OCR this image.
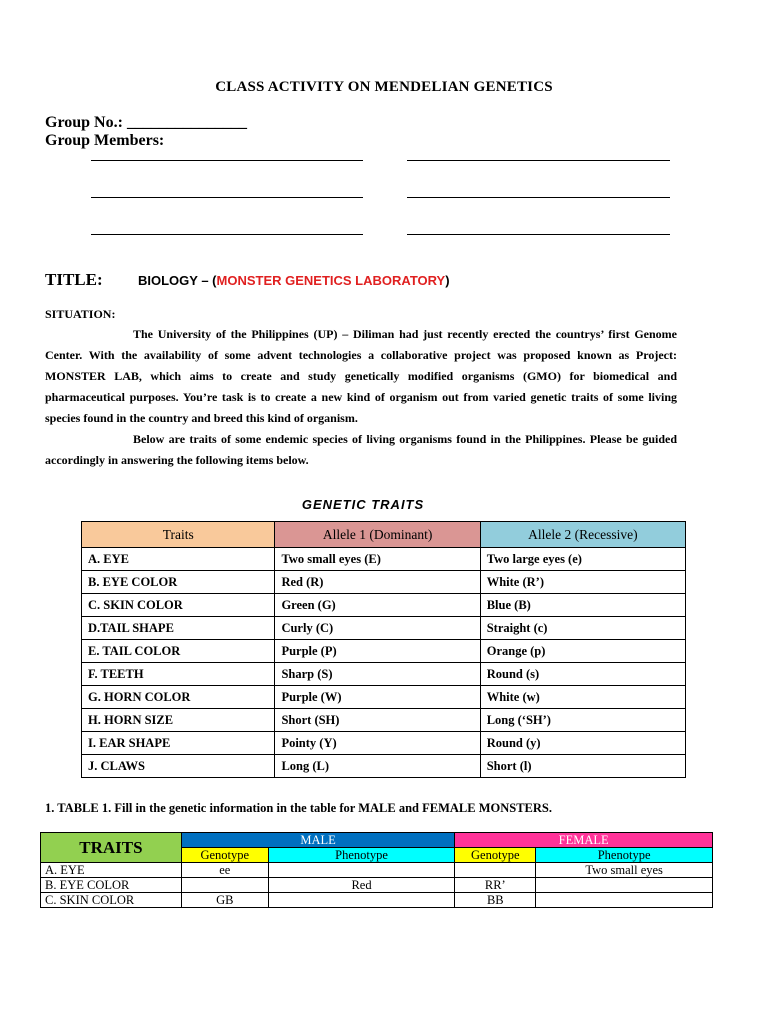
CLASS ACTIVITY ON MENDELIAN GENETICS
Group No.: _______________
Group Members:
TITLE:	BIOLOGY – (MONSTER GENETICS LABORATORY)
SITUATION:

The University of the Philippines (UP) – Diliman had just recently erected the countrys’ first Genome Center. With the availability of some advent technologies a collaborative project was proposed known as Project: MONSTER LAB, which aims to create and study genetically modified organisms (GMO) for biomedical and pharmaceutical purposes. You’re task is to create a new kind of organism out from varied genetic traits of some living species found in the country and breed this kind of organism.

Below are traits of some endemic species of living organisms found in the Philippines. Please be guided accordingly in answering the following items below.

GENETIC TRAITS
Traits	Allele 1 (Dominant)	Allele 2 (Recessive)
A. EYE	Two small eyes (E)	Two large eyes (e)
B. EYE COLOR	Red (R)	White (R’)
C. SKIN COLOR	Green (G)	Blue (B)
D.TAIL SHAPE	Curly (C)	Straight (c)
E. TAIL COLOR	Purple (P)	Orange (p)
F. TEETH	Sharp (S)	Round (s)
G. HORN COLOR	Purple (W)	White (w)
H. HORN SIZE	Short (SH)	Long (‘SH’)
I. EAR SHAPE	Pointy (Y)	Round (y)
J. CLAWS	Long (L)	Short (l)
1. TABLE 1. Fill in the genetic information in the table for MALE and FEMALE MONSTERS.
TRAITS	MALE		FEMALE	
	Genotype	Phenotype	Genotype	Phenotype
A. EYE	ee			Two small eyes
B. EYE COLOR		Red	RR’	
C. SKIN COLOR	GB		BB	
